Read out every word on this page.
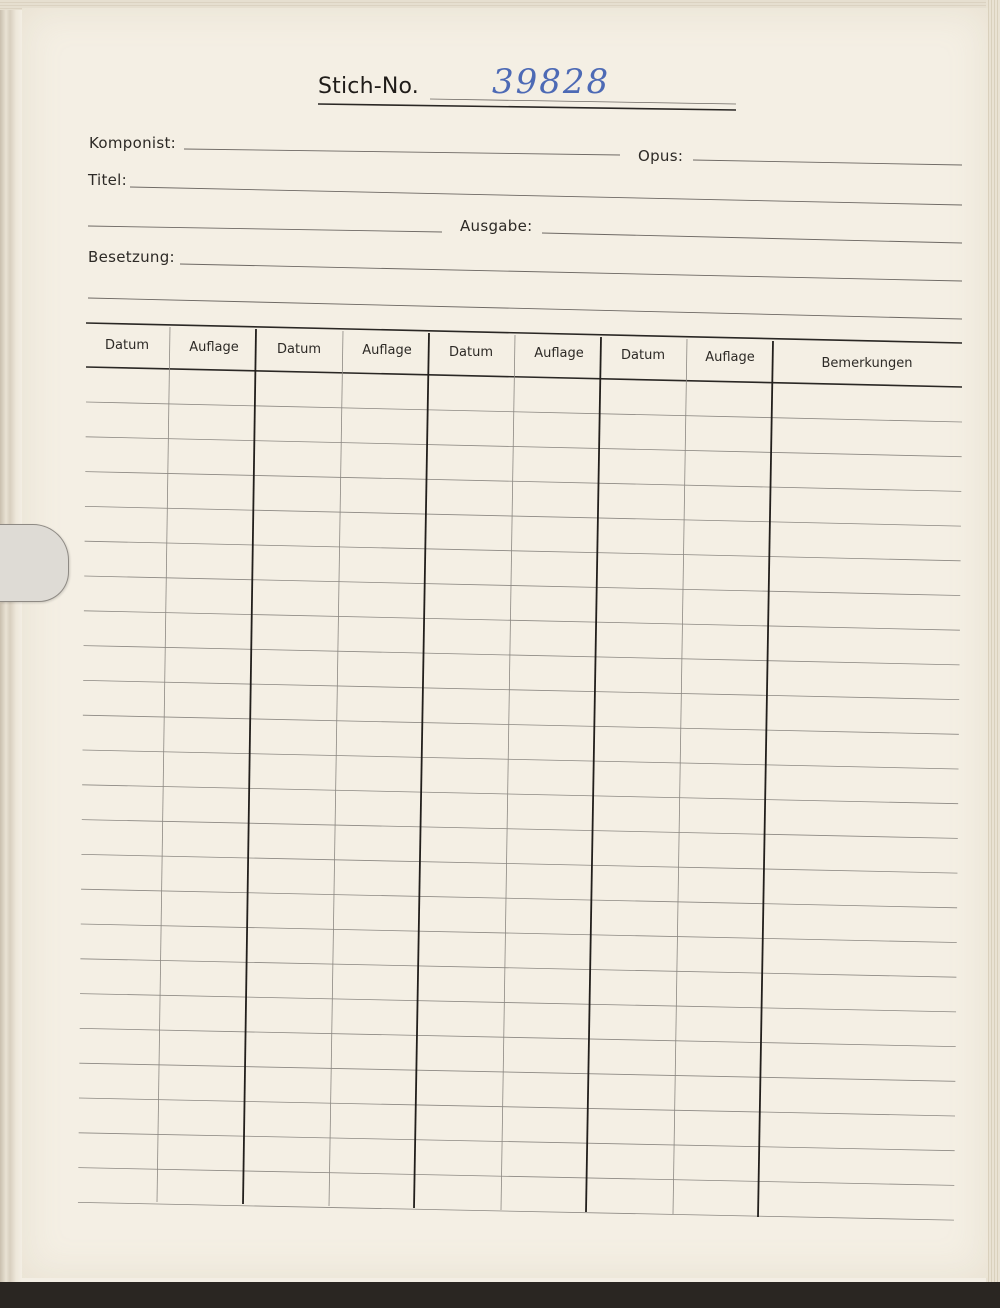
Stich-No. 39828
Komponist:
Opus:
Titel:
Ausgabe:
Besetzung:
Datum	Auflage	Datum	Auflage	Datum	Auflage	Datum	Auflage	Bemerkungen
